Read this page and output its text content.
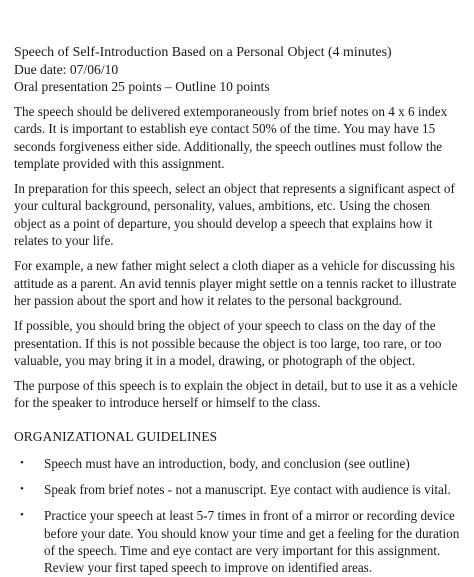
Speech of Self-Introduction Based on a Personal Object (4 minutes)
Due date: 07/06/10
Oral presentation 25 points – Outline 10 points

The speech should be delivered extemporaneously from brief notes on 4 x 6 index cards. It is important to establish eye contact 50% of the time. You may have 15 seconds forgiveness either side. Additionally, the speech outlines must follow the template provided with this assignment.

In preparation for this speech, select an object that represents a significant aspect of your cultural background, personality, values, ambitions, etc. Using the chosen object as a point of departure, you should develop a speech that explains how it relates to your life.

For example, a new father might select a cloth diaper as a vehicle for discussing his attitude as a parent. An avid tennis player might settle on a tennis racket to illustrate her passion about the sport and how it relates to the personal background.

If possible, you should bring the object of your speech to class on the day of the presentation. If this is not possible because the object is too large, too rare, or too valuable, you may bring it in a model, drawing, or photograph of the object.

The purpose of this speech is to explain the object in detail, but to use it as a vehicle for the speaker to introduce herself or himself to the class.

ORGANIZATIONAL GUIDELINES
•	Speech must have an introduction, body, and conclusion (see outline)
•	Speak from brief notes - not a manuscript. Eye contact with audience is vital.
•	Practice your speech at least 5-7 times in front of a mirror or recording device before your date. You should know your time and get a feeling for the duration of the speech. Time and eye contact are very important for this assignment. Review your first taped speech to improve on identified areas.
